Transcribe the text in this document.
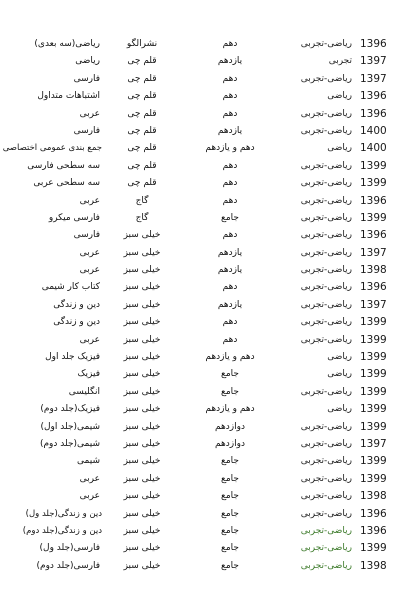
1396
ریاضی-تجربی
دهم
نشرالگو
ریاضی(سه بعدی)
1397
تجربی
یازدهم
قلم چی
ریاضی
1397
ریاضی-تجربی
دهم
قلم چی
فارسی
1396
ریاضی
دهم
قلم چی
اشتباهات متداول
1396
ریاضی-تجربی
دهم
قلم چی
عربی
1400
ریاضی-تجربی
یازدهم
قلم چی
فارسی
1400
ریاضی
دهم و یازدهم
قلم چی
جمع بندی عمومی اختصاصی
1399
ریاضی-تجربی
دهم
قلم چی
سه سطحی فارسی
1399
ریاضی-تجربی
دهم
قلم چی
سه سطحی عربی
1396
ریاضی-تجربی
دهم
گاج
عربی
1399
ریاضی-تجربی
جامع
گاج
فارسی میکرو
1396
ریاضی-تجربی
دهم
خیلی سبز
فارسی
1397
ریاضی-تجربی
یازدهم
خیلی سبز
عربی
1398
ریاضی-تجربی
یازدهم
خیلی سبز
عربی
1396
ریاضی-تجربی
دهم
خیلی سبز
کتاب کار شیمی
1397
ریاضی-تجربی
یازدهم
خیلی سبز
دین و زندگی
1399
ریاضی-تجربی
دهم
خیلی سبز
دین و زندگی
1399
ریاضی-تجربی
دهم
خیلی سبز
عربی
1399
ریاضی
دهم و یازدهم
خیلی سبز
فیزیک جلد اول
1399
ریاضی
جامع
خیلی سبز
فیزیک
1399
ریاضی-تجربی
جامع
خیلی سبز
انگلیسی
1399
ریاضی
دهم و یازدهم
خیلی سبز
فیزیک(جلد دوم)
1399
ریاضی-تجربی
دوازدهم
خیلی سبز
شیمی(جلد اول)
1397
ریاضی-تجربی
دوازدهم
خیلی سبز
شیمی(جلد دوم)
1399
ریاضی-تجربی
جامع
خیلی سبز
شیمی
1399
ریاضی-تجربی
جامع
خیلی سبز
عربی
1398
ریاضی-تجربی
جامع
خیلی سبز
عربی
1396
ریاضی-تجربی
جامع
خیلی سبز
دین و زندگی(جلد ول)
1396
ریاضی-تجربی
جامع
خیلی سبز
دین و زندگی(جلد دوم)
1399
ریاضی-تجربی
جامع
خیلی سبز
فارسی(جلد ول)
1398
ریاضی-تجربی
جامع
خیلی سبز
فارسی(جلد دوم)
